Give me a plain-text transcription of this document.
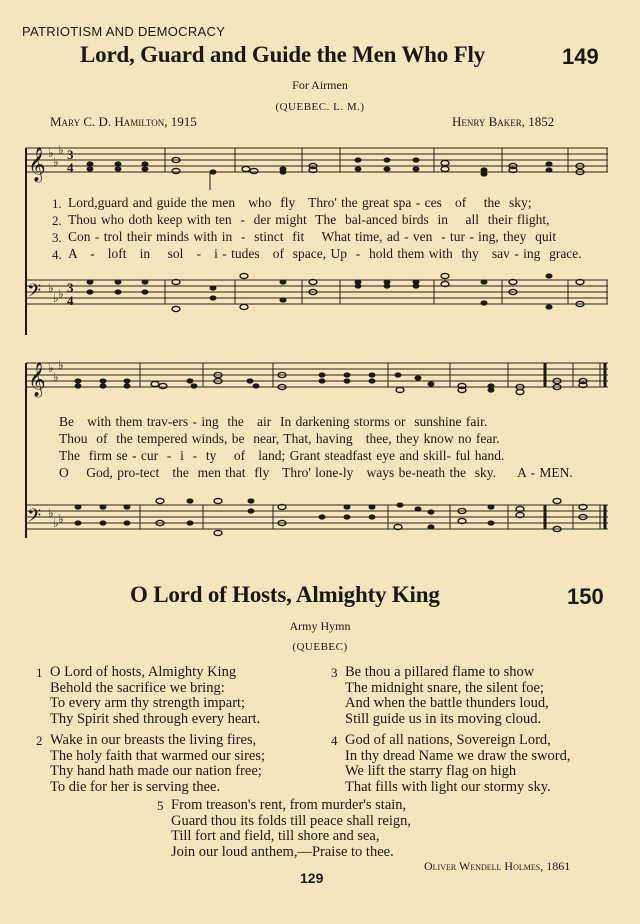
PATRIOTISM AND DEMOCRACY
Lord, Guard and Guide the Men Who Fly	149
For Airmen
(QUEBEC. L. M.)
Mary C. D. Hamilton, 1915	Henry Baker, 1852
𝄞 ♭
♭
♭ 3
4
1. Lord,guard and guide the men   who  fly   Thro' the great spa - ces   of    the  sky;
2. Thou who doth keep with ten  -  der might  The  bal-anced birds  in    all  their flight,
3. Con - trol their minds with in  -  stinct  fit    What time, ad - ven  - tur - ing, they  quit
4. A   -   loft   in    sol   -   i - tudes   of  space, Up  -  hold them with  thy   sav - ing  grace.
𝄢 ♭
♭ ♭ 3
4
𝄞 ♭
♭
♭
Be   with them trav-ers - ing  the   air  In darkening storms or  sunshine fair.
Thou  of  the tempered winds, be  near, That, having   thee, they know no fear.
The  firm se - cur  -  i  -  ty    of   land; Grant steadfast eye and skill- ful hand.
O    God, pro-tect   the  men that  fly   Thro' lone-ly   ways be-neath the  sky.     A - MEN.
𝄢 ♭
♭ ♭
O Lord of Hosts, Almighty King	150
Army Hymn
(QUEBEC)
1 O Lord of hosts, Almighty King
Behold the sacrifice we bring:
To every arm thy strength impart;
Thy Spirit shed through every heart.
2 Wake in our breasts the living fires,
The holy faith that warmed our sires;
Thy hand hath made our nation free;
To die for her is serving thee.
3 Be thou a pillared flame to show
The midnight snare, the silent foe;
And when the battle thunders loud,
Still guide us in its moving cloud.
4 God of all nations, Sovereign Lord,
In thy dread Name we draw the sword,
We lift the starry flag on high
That fills with light our stormy sky.
5 From treason's rent, from murder's stain,
Guard thou its folds till peace shall reign,
Till fort and field, till shore and sea,
Join our loud anthem,—Praise to thee.
Oliver Wendell Holmes, 1861
129
